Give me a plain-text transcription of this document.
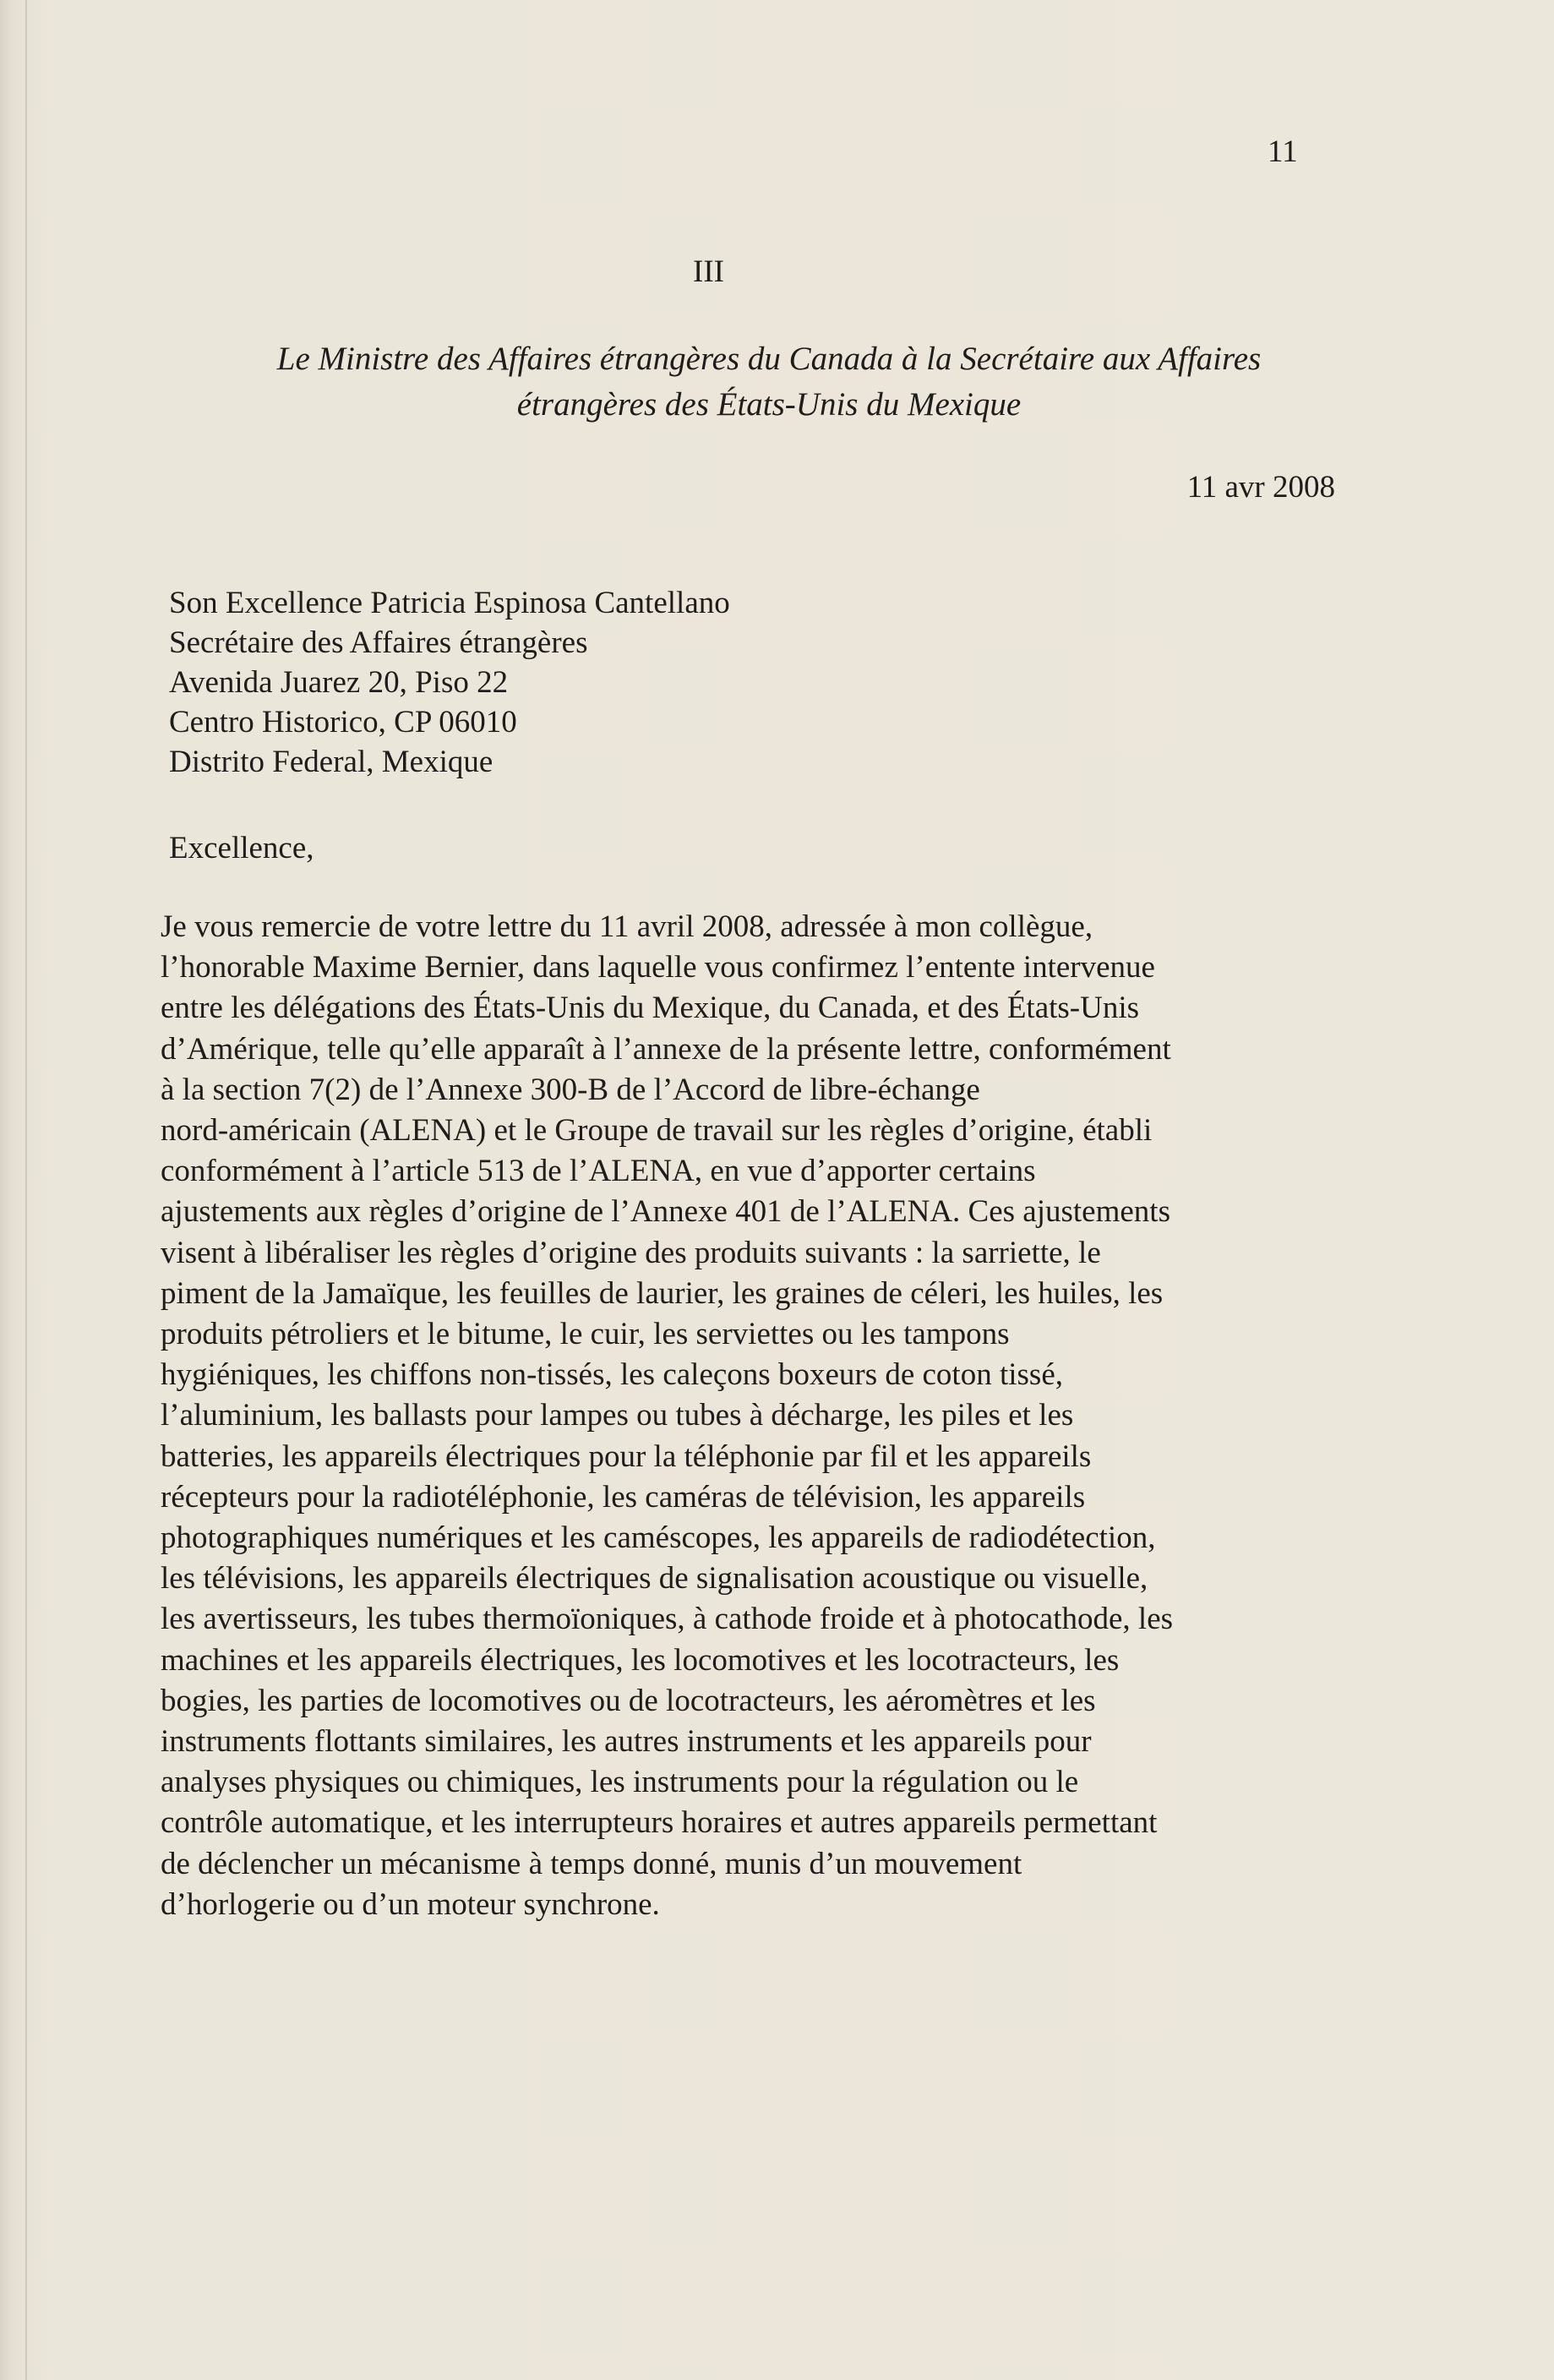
11
III
Le Ministre des Affaires étrangères du Canada à la Secrétaire aux Affaires
étrangères des États-Unis du Mexique
11 avr 2008
Son Excellence Patricia Espinosa Cantellano
Secrétaire des Affaires étrangères
Avenida Juarez 20, Piso 22
Centro Historico, CP 06010
Distrito Federal, Mexique
Excellence,
Je vous remercie de votre lettre du 11 avril 2008, adressée à mon collègue,
l’honorable Maxime Bernier, dans laquelle vous confirmez l’entente intervenue
entre les délégations des États-Unis du Mexique, du Canada, et des États-Unis
d’Amérique, telle qu’elle apparaît à l’annexe de la présente lettre, conformément
à la section 7(2) de l’Annexe 300-B de l’Accord de libre-échange
nord-américain (ALENA) et le Groupe de travail sur les règles d’origine, établi
conformément à l’article 513 de l’ALENA, en vue d’apporter certains
ajustements aux règles d’origine de l’Annexe 401 de l’ALENA. Ces ajustements
visent à libéraliser les règles d’origine des produits suivants : la sarriette, le
piment de la Jamaïque, les feuilles de laurier, les graines de céleri, les huiles, les
produits pétroliers et le bitume, le cuir, les serviettes ou les tampons
hygiéniques, les chiffons non-tissés, les caleçons boxeurs de coton tissé,
l’aluminium, les ballasts pour lampes ou tubes à décharge, les piles et les
batteries, les appareils électriques pour la téléphonie par fil et les appareils
récepteurs pour la radiotéléphonie, les caméras de télévision, les appareils
photographiques numériques et les caméscopes, les appareils de radiodétection,
les télévisions, les appareils électriques de signalisation acoustique ou visuelle,
les avertisseurs, les tubes thermoïoniques, à cathode froide et à photocathode, les
machines et les appareils électriques, les locomotives et les locotracteurs, les
bogies, les parties de locomotives ou de locotracteurs, les aéromètres et les
instruments flottants similaires, les autres instruments et les appareils pour
analyses physiques ou chimiques, les instruments pour la régulation ou le
contrôle automatique, et les interrupteurs horaires et autres appareils permettant
de déclencher un mécanisme à temps donné, munis d’un mouvement
d’horlogerie ou d’un moteur synchrone.
